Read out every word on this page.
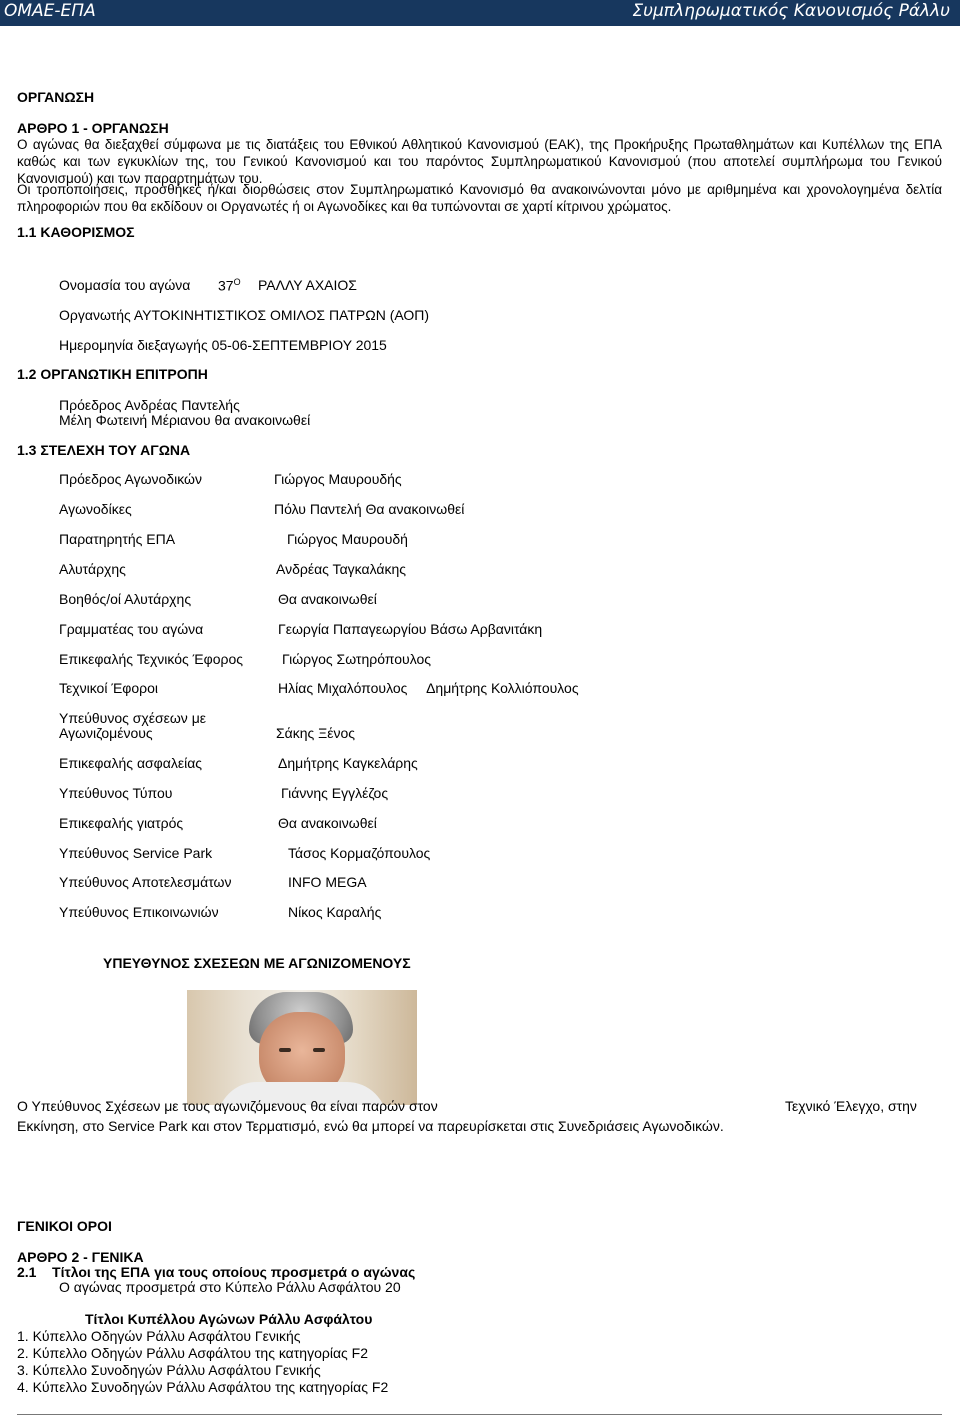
ΟΜΑΕ-ΕΠΑ	Συμπληρωματικός Κανονισμός Ράλλυ
ΟΡΓΑΝΩΣΗ
ΑΡΘΡΟ 1 - ΟΡΓΑΝΩΣΗ
Ο αγώνας θα διεξαχθεί σύμφωνα με τις διατάξεις του Εθνικού Αθλητικού Κανονισμού (ΕΑΚ), της Προκήρυξης Πρωταθλημάτων και Κυπέλλων της ΕΠΑ καθώς και των εγκυκλίων της, του Γενικού Κανονισμού και του παρόντος Συμπληρωματικού Κανονισμού (που αποτελεί συμπλήρωμα του Γενικού Κανονισμού) και των παραρτημάτων του.
Οι τροποποιήσεις, προσθήκες ή/και διορθώσεις στον Συμπληρωματικό Κανονισμό θα ανακοινώνονται μόνο με αριθμημένα και χρονολογημένα δελτία πληροφοριών που θα εκδίδουν οι Οργανωτές ή οι Αγωνοδίκες και θα τυπώνονται σε χαρτί κίτρινου χρώματος.
1.1 ΚΑΘΟΡΙΣΜΟΣ
Ονομασία του αγώνα $37^O$ ΡΑΛΛΥ ΑΧΑΙΟΣ
Οργανωτής ΑΥΤΟΚΙΝΗΤΙΣΤΙΚΟΣ ΟΜΙΛΟΣ ΠΑΤΡΩΝ (ΑΟΠ)
Ημερομηνία διεξαγωγής 05-06-ΣΕΠΤΕΜΒΡΙΟΥ 2015
1.2 ΟΡΓΑΝΩΤΙΚΗ ΕΠΙΤΡΟΠΗ
Πρόεδρος Ανδρέας Παντελής
Μέλη Φωτεινή Μέριανου θα ανακοινωθεί
1.3 ΣΤΕΛΕΧΗ ΤΟΥ ΑΓΩΝΑ
Πρόεδρος Αγωνοδικών	Γιώργος Μαυρουδής
Αγωνοδίκες	Πόλυ Παντελή Θα ανακοινωθεί
Παρατηρητής ΕΠΑ	Γιώργος Μαυρουδή
Αλυτάρχης	Ανδρέας Ταγκαλάκης
Βοηθός/οί Αλυτάρχης	Θα ανακοινωθεί
Γραμματέας του αγώνα	Γεωργία Παπαγεωργίου Βάσω Αρβανιτάκη
Επικεφαλής Τεχνικός Έφορος	Γιώργος Σωτηρόπουλος
Τεχνικοί Έφοροι	Ηλίας Μιχαλόπουλος     Δημήτρης Κολλιόπουλος
Υπεύθυνος σχέσεων με
Αγωνιζομένους	Σάκης Ξένος
Επικεφαλής ασφαλείας	Δημήτρης Καγκελάρης
Υπεύθυνος Τύπου	Γιάννης Εγγλέζος
Επικεφαλής γιατρός	Θα ανακοινωθεί
Υπεύθυνος Service Park	Τάσος Κορμαζόπουλος
Υπεύθυνος Αποτελεσμάτων	INFO MEGA
Υπεύθυνος Επικοινωνιών	Νίκος Καραλής
ΥΠΕΥΘΥΝΟΣ ΣΧΕΣΕΩΝ ΜΕ ΑΓΩΝΙΖΟΜΕΝΟΥΣ
Ο Υπεύθυνος Σχέσεων με τους αγωνιζόμενους θα είναι παρών στον	Τεχνικό Έλεγχο, στην
Εκκίνηση, στο Service Park και στον Τερματισμό, ενώ θα μπορεί να παρευρίσκεται στις Συνεδριάσεις Αγωνοδικών.
ΓΕΝΙΚΟΙ ΟΡΟΙ
ΑΡΘΡΟ 2 - ΓΕΝΙΚΑ
2.1    Τίτλοι της ΕΠΑ για τους οποίους προσμετρά ο αγώνας
Ο αγώνας προσμετρά στο Κύπελο Ράλλυ Ασφάλτου 20
Τίτλοι Κυπέλλου Αγώνων Ράλλυ Ασφάλτου
1. Κύπελλο Οδηγών Ράλλυ Ασφάλτου Γενικής
2. Κύπελλο Οδηγών Ράλλυ Ασφάλτου της κατηγορίας F2
3. Κύπελλο Συνοδηγών Ράλλυ Ασφάλτου Γενικής
4. Κύπελλο Συνοδηγών Ράλλυ Ασφάλτου της κατηγορίας F2
